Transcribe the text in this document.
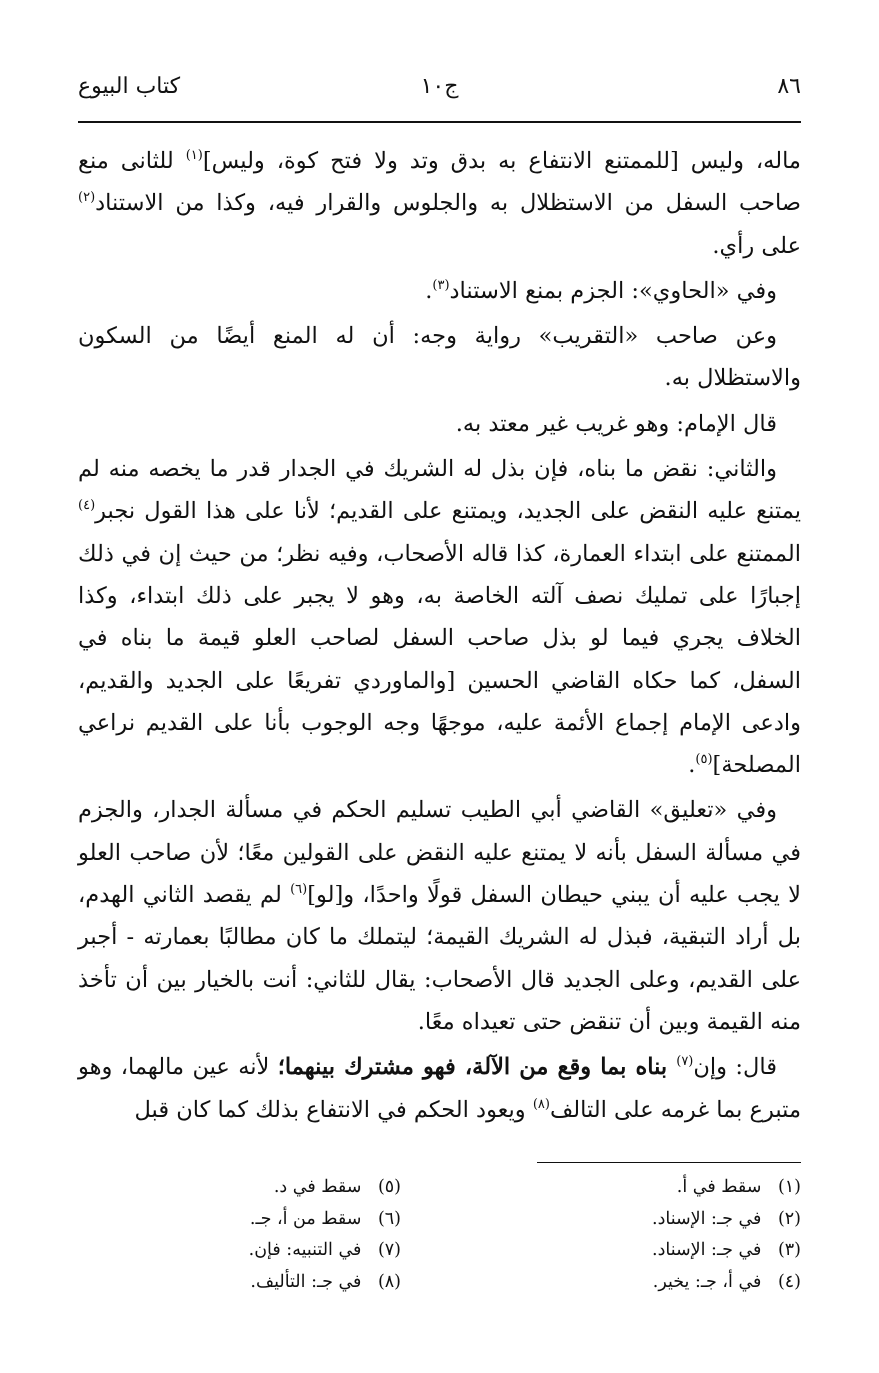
٨٦
ج١٠
كتاب البيوع

ماله، وليس [للممتنع الانتفاع به بدق وتد ولا فتح كوة، وليس]$^{(١)}$ للثانى منع صاحب السفل من الاستظلال به والجلوس والقرار فيه، وكذا من الاستناد$^{(٢)}$ على رأي.

وفي «الحاوي»: الجزم بمنع الاستناد$^{(٣)}$.

وعن صاحب «التقريب» رواية وجه: أن له المنع أيضًا من السكون والاستظلال به.

قال الإمام: وهو غريب غير معتد به.

والثاني: نقض ما بناه، فإن بذل له الشريك في الجدار قدر ما يخصه منه لم يمتنع عليه النقض على الجديد، ويمتنع على القديم؛ لأنا على هذا القول نجبر$^{(٤)}$ الممتنع على ابتداء العمارة، كذا قاله الأصحاب، وفيه نظر؛ من حيث إن في ذلك إجبارًا على تمليك نصف آلته الخاصة به، وهو لا يجبر على ذلك ابتداء، وكذا الخلاف يجري فيما لو بذل صاحب السفل لصاحب العلو قيمة ما بناه في السفل، كما حكاه القاضي الحسين [والماوردي تفريعًا على الجديد والقديم، وادعى الإمام إجماع الأئمة عليه، موجهًا وجه الوجوب بأنا على القديم نراعي المصلحة]$^{(٥)}$.

وفي «تعليق» القاضي أبي الطيب تسليم الحكم في مسألة الجدار، والجزم في مسألة السفل بأنه لا يمتنع عليه النقض على القولين معًا؛ لأن صاحب العلو لا يجب عليه أن يبني حيطان السفل قولًا واحدًا، و[لو]$^{(٦)}$ لم يقصد الثاني الهدم، بل أراد التبقية، فبذل له الشريك القيمة؛ ليتملك ما كان مطالبًا بعمارته - أجبر على القديم، وعلى الجديد قال الأصحاب: يقال للثاني: أنت بالخيار بين أن تأخذ منه القيمة وبين أن تنقض حتى تعيداه معًا.

قال: وإن$^{(٧)}$ بناه بما وقع من الآلة، فهو مشترك بينهما؛ لأنه عين مالهما، وهو متبرع بما غرمه على التالف$^{(٨)}$ ويعود الحكم في الانتفاع بذلك كما كان قبل

(١) سقط في أ.
(٢) في جـ: الإسناد.
(٣) في جـ: الإسناد.
(٤) في أ، جـ: يخير.
(٥) سقط في د.
(٦) سقط من أ، جـ.
(٧) في التنبيه: فإن.
(٨) في جـ: التأليف.
